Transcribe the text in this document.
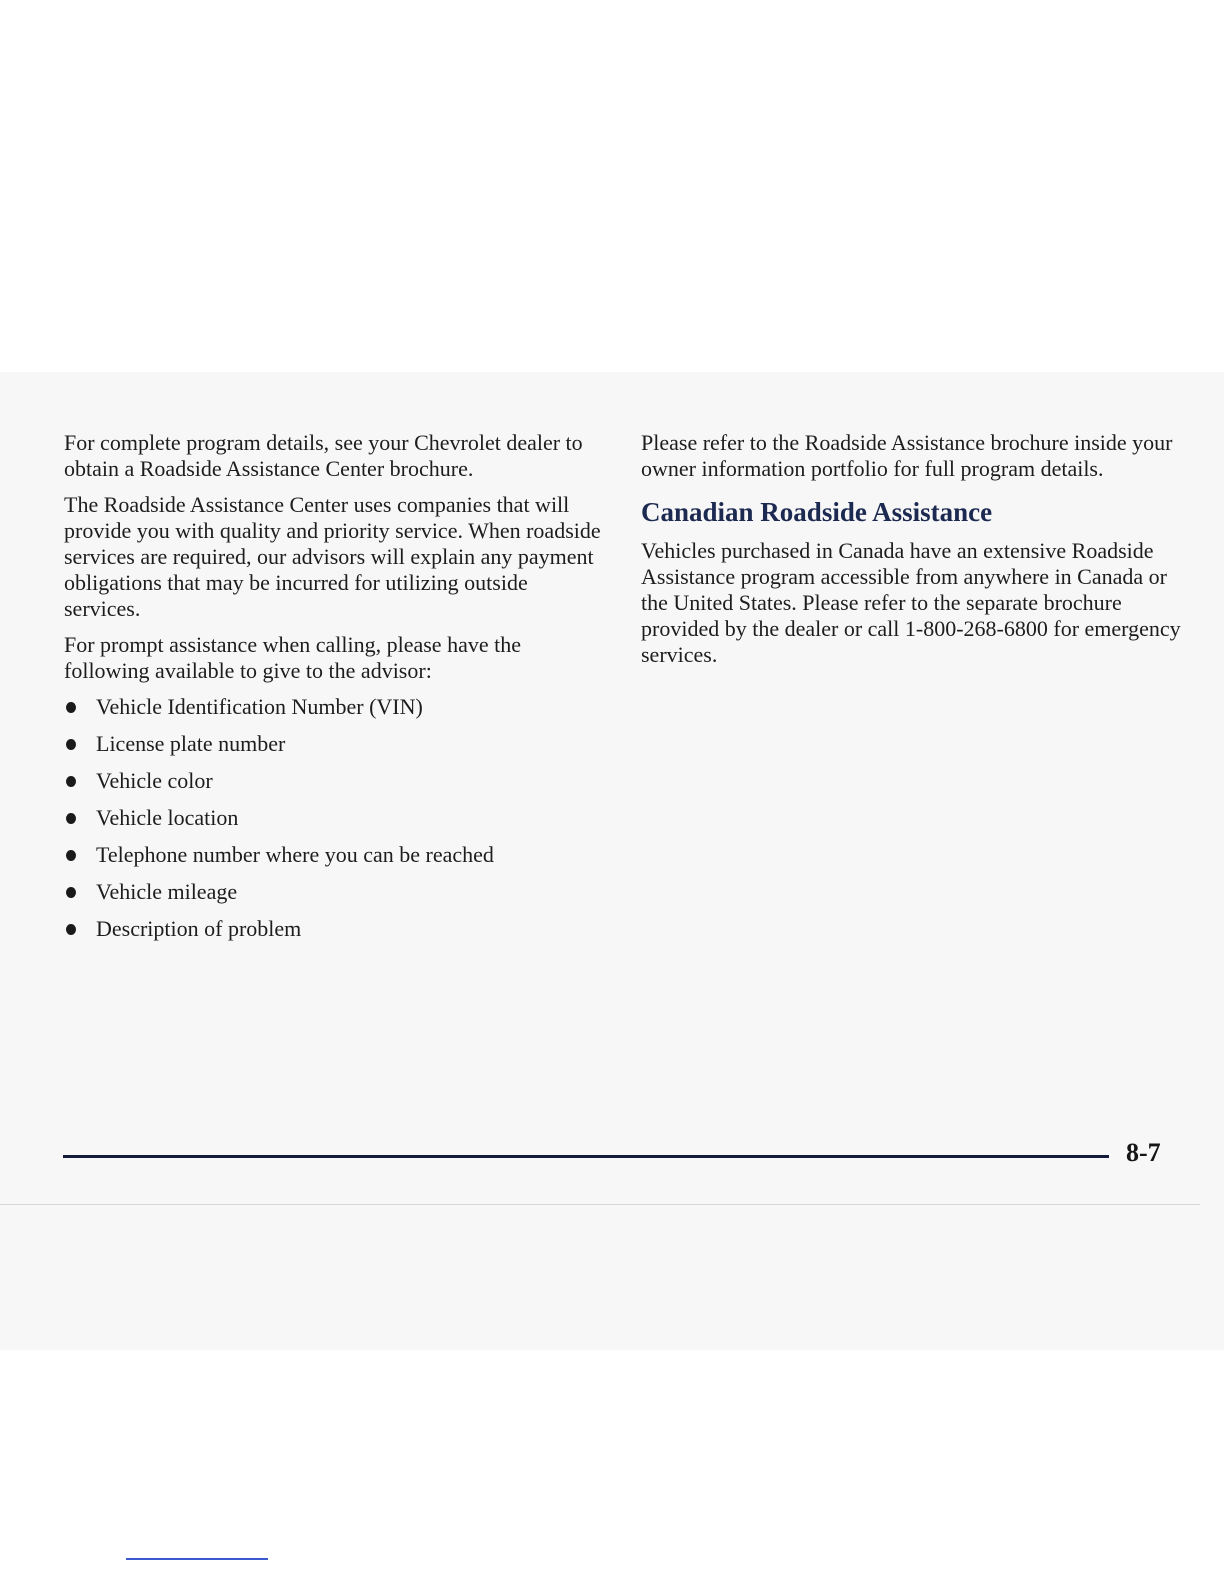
For complete program details, see your Chevrolet dealer to obtain a Roadside Assistance Center brochure.

The Roadside Assistance Center uses companies that will provide you with quality and priority service. When roadside services are required, our advisors will explain any payment obligations that may be incurred for utilizing outside services.

For prompt assistance when calling, please have the following available to give to the advisor:

Vehicle Identification Number (VIN)
License plate number
Vehicle color
Vehicle location
Telephone number where you can be reached
Vehicle mileage
Description of problem

Please refer to the Roadside Assistance brochure inside your owner information portfolio for full program details.

Canadian Roadside Assistance

Vehicles purchased in Canada have an extensive Roadside Assistance program accessible from anywhere in Canada or the United States. Please refer to the separate brochure provided by the dealer or call 1-800-268-6800 for emergency services.

8-7
